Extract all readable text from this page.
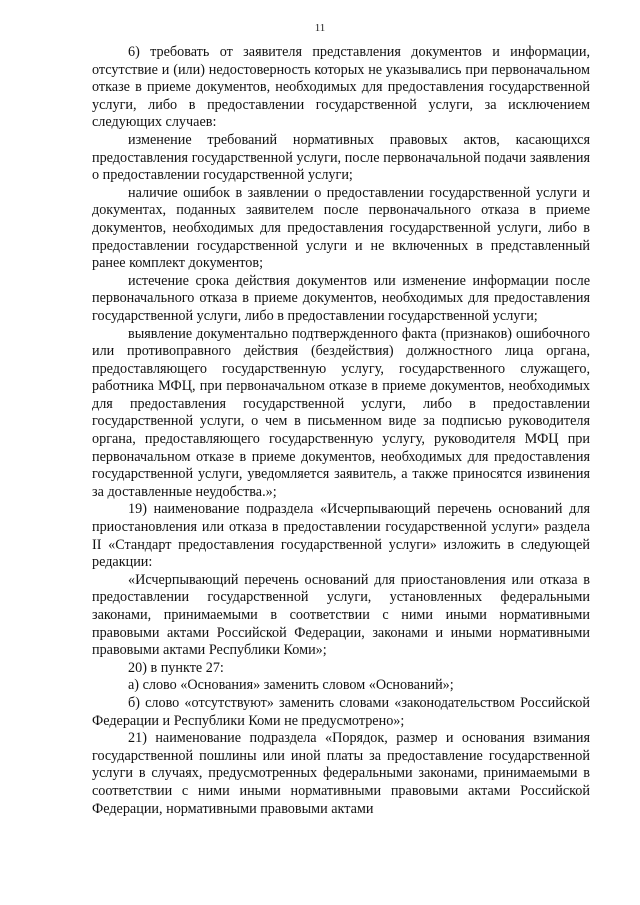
11

6) требовать от заявителя представления документов и информации, отсутствие и (или) недостоверность которых не указывались при первоначальном отказе в приеме документов, необходимых для предоставления государственной услуги, либо в предоставлении государственной услуги, за исключением следующих случаев:

изменение требований нормативных правовых актов, касающихся предоставления государственной услуги, после первоначальной подачи заявления о предоставлении государственной услуги;

наличие ошибок в заявлении о предоставлении государственной услуги и документах, поданных заявителем после первоначального отказа в приеме документов, необходимых для предоставления государственной услуги, либо в предоставлении государственной услуги и не включенных в представленный ранее комплект документов;

истечение срока действия документов или изменение информации после первоначального отказа в приеме документов, необходимых для предоставления государственной услуги, либо в предоставлении государственной услуги;

выявление документально подтвержденного факта (признаков) ошибочного или противоправного действия (бездействия) должностного лица органа, предоставляющего государственную услугу, государственного служащего, работника МФЦ, при первоначальном отказе в приеме документов, необходимых для предоставления государственной услуги, либо в предоставлении государственной услуги, о чем в письменном виде за подписью руководителя органа, предоставляющего государственную услугу, руководителя МФЦ при первоначальном отказе в приеме документов, необходимых для предоставления государственной услуги, уведомляется заявитель, а также приносятся извинения за доставленные неудобства.»;

19) наименование подраздела «Исчерпывающий перечень оснований для приостановления или отказа в предоставлении государственной услуги» раздела II «Стандарт предоставления государственной услуги» изложить в следующей редакции:

«Исчерпывающий перечень оснований для приостановления или отказа в предоставлении государственной услуги, установленных федеральными законами, принимаемыми в соответствии с ними иными нормативными правовыми актами Российской Федерации, законами и иными нормативными правовыми актами Республики Коми»;

20) в пункте 27:

а) слово «Основания» заменить словом «Оснований»;

б) слово «отсутствуют» заменить словами «законодательством Российской Федерации и Республики Коми не предусмотрено»;

21) наименование подраздела «Порядок, размер и основания взимания государственной пошлины или иной платы за предоставление государственной услуги в случаях, предусмотренных федеральными законами, принимаемыми в соответствии с ними иными нормативными правовыми актами Российской Федерации, нормативными правовыми актами
